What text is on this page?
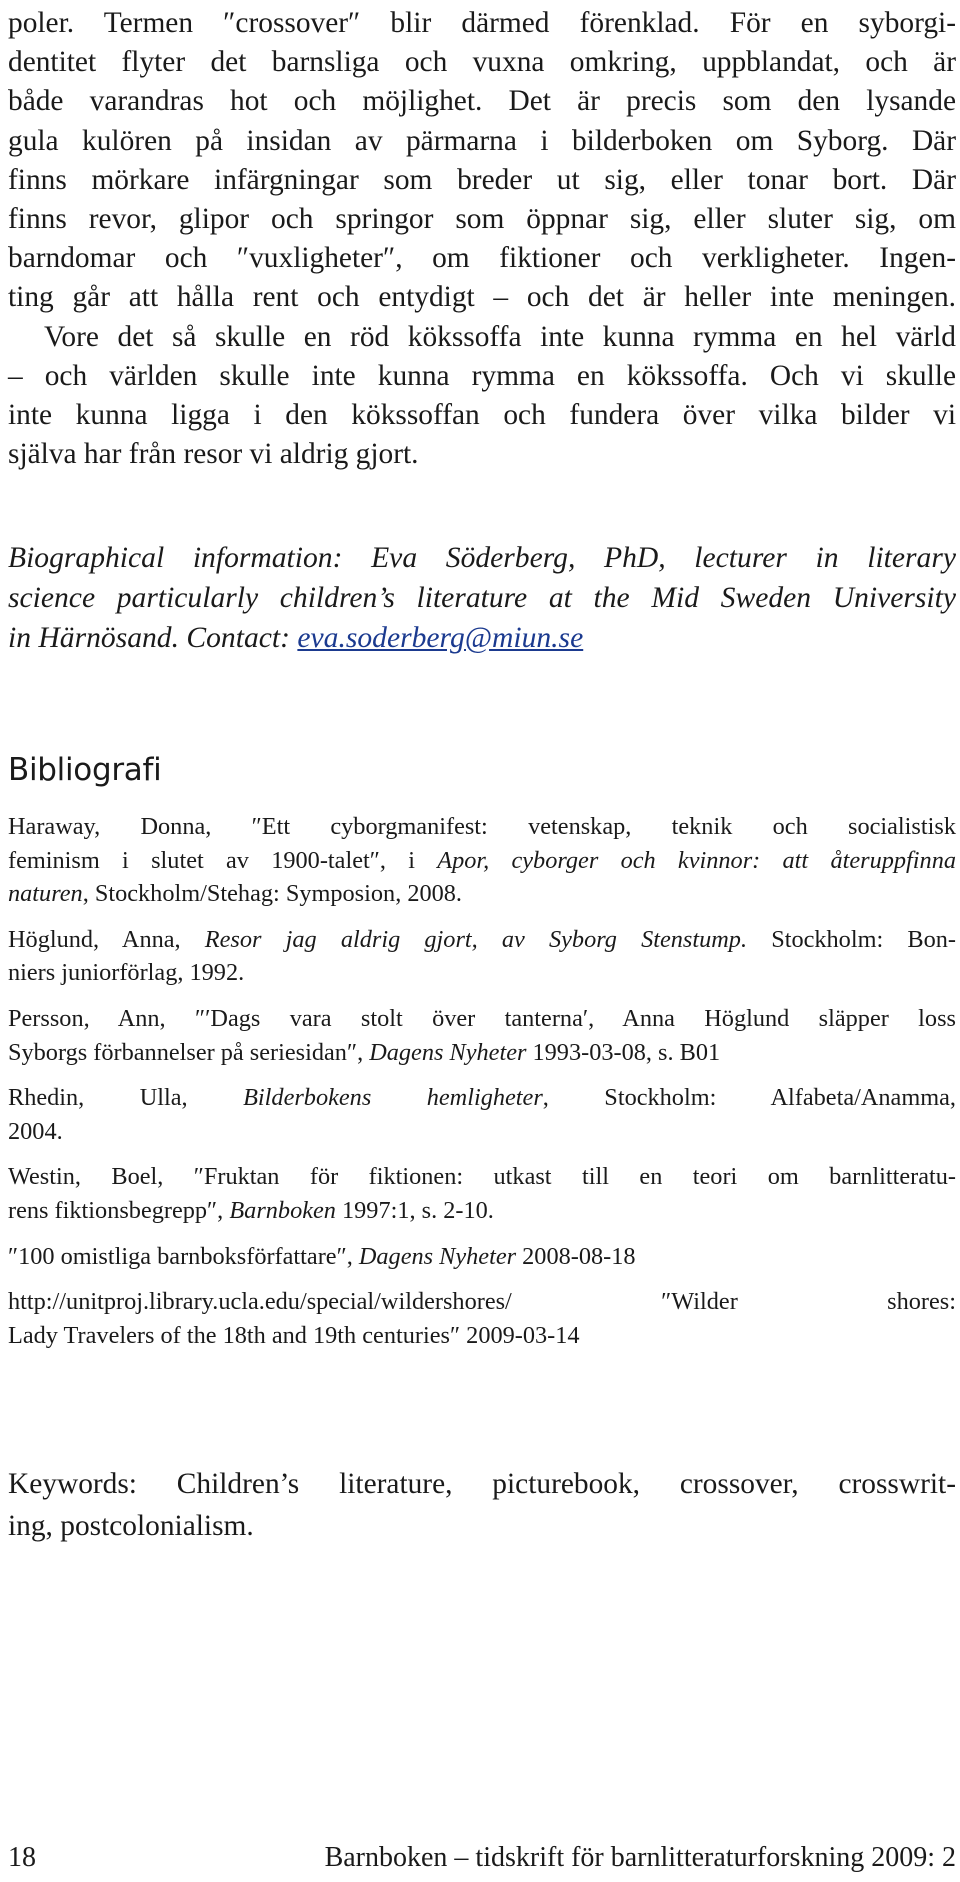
poler. Termen ″crossover″ blir därmed förenklad. För en syborgi-
dentitet flyter det barnsliga och vuxna omkring, uppblandat, och är
både varandras hot och möjlighet. Det är precis som den lysande
gula kulören på insidan av pärmarna i bilderboken om Syborg. Där
finns mörkare infärgningar som breder ut sig, eller tonar bort. Där
finns revor, glipor och springor som öppnar sig, eller sluter sig, om
barndomar och ″vuxligheter″, om fiktioner och verkligheter. Ingen-
ting går att hålla rent och entydigt – och det är heller inte meningen.
Vore det så skulle en röd kökssoffa inte kunna rymma en hel värld
– och världen skulle inte kunna rymma en kökssoffa. Och vi skulle
inte kunna ligga i den kökssoffan och fundera över vilka bilder vi
själva har från resor vi aldrig gjort.
Biographical information: Eva Söderberg, PhD, lecturer in literary
science particularly children’s literature at the Mid Sweden University
in Härnösand. Contact: eva.soderberg@miun.se
Bibliografi
Haraway, Donna, ″Ett cyborgmanifest: vetenskap, teknik och socialistisk
feminism i slutet av 1900-talet″, i Apor, cyborger och kvinnor: att återuppfinna
naturen, Stockholm/Stehag: Symposion, 2008.
Höglund, Anna, Resor jag aldrig gjort, av Syborg Stenstump. Stockholm: Bon-
niers juniorförlag, 1992.
Persson, Ann, ″′Dags vara stolt över tanterna′, Anna Höglund släpper loss
Syborgs förbannelser på seriesidan″, Dagens Nyheter 1993-03-08, s. B01
Rhedin, Ulla, Bilderbokens hemligheter, Stockholm: Alfabeta/Anamma,
2004.
Westin, Boel, ″Fruktan för fiktionen: utkast till en teori om barnlitteratu-
rens fiktionsbegrepp″, Barnboken 1997:1, s. 2-10.
″100 omistliga barnboksförfattare″, Dagens Nyheter 2008-08-18
http://unitproj.library.ucla.edu/special/wildershores/ ″Wilder shores:
Lady Travelers of the 18th and 19th centuries″ 2009-03-14
Keywords: Children’s literature, picturebook, crossover, crosswrit-
ing, postcolonialism.
18	Barnboken – tidskrift för barnlitteraturforskning 2009: 2
